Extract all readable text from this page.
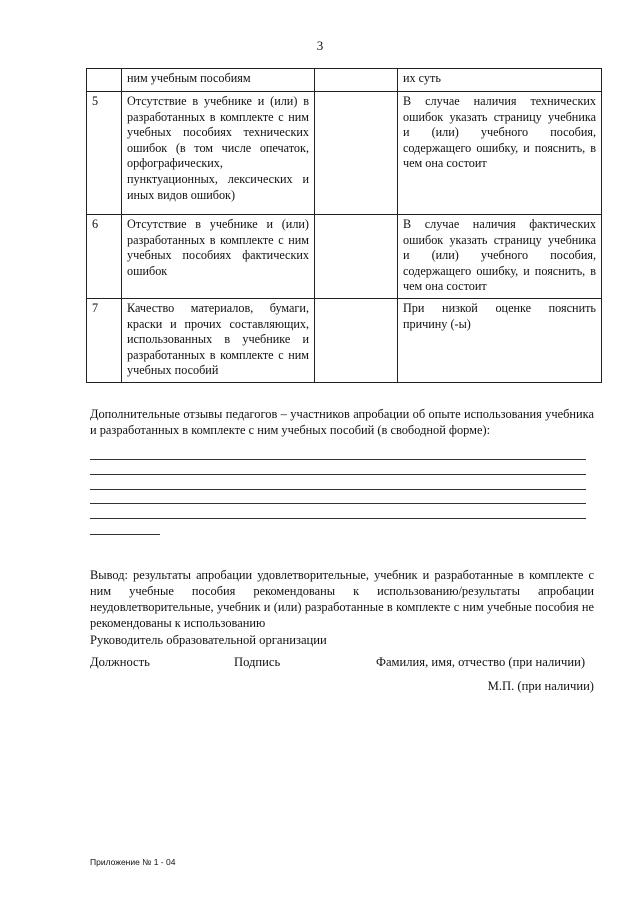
3
	ним учебным пособиям		их суть
5	Отсутствие в учебнике и (или) в разработанных в комплекте с ним учебных пособиях технических ошибок (в том числе опечаток, орфографических, пунктуационных, лексических и иных видов ошибок)		В случае наличия технических ошибок указать страницу учебника и (или) учебного пособия, содержащего ошибку, и пояснить, в чем она состоит
6	Отсутствие в учебнике и (или) разработанных в комплекте с ним учебных пособиях фактических ошибок		В случае наличия фактических ошибок указать страницу учебника и (или) учебного пособия, содержащего ошибку, и пояснить, в чем она состоит
7	Качество материалов, бумаги, краски и прочих составляющих, использованных в учебнике и разработанных в комплекте с ним учебных пособий		При низкой оценке пояснить причину (-ы)
Дополнительные отзывы педагогов – участников апробации об опыте использования учебника и разработанных в комплекте с ним учебных пособий (в свободной форме):
Вывод: результаты апробации удовлетворительные, учебник и разработанные в комплекте с ним учебные пособия рекомендованы к использованию/результаты апробации неудовлетворительные, учебник и (или) разработанные в комплекте с ним учебные пособия не рекомендованы к использованию
Руководитель образовательной организации
Должность	Подпись	Фамилия, имя, отчество (при наличии)
М.П. (при наличии)
Приложение № 1 - 04
